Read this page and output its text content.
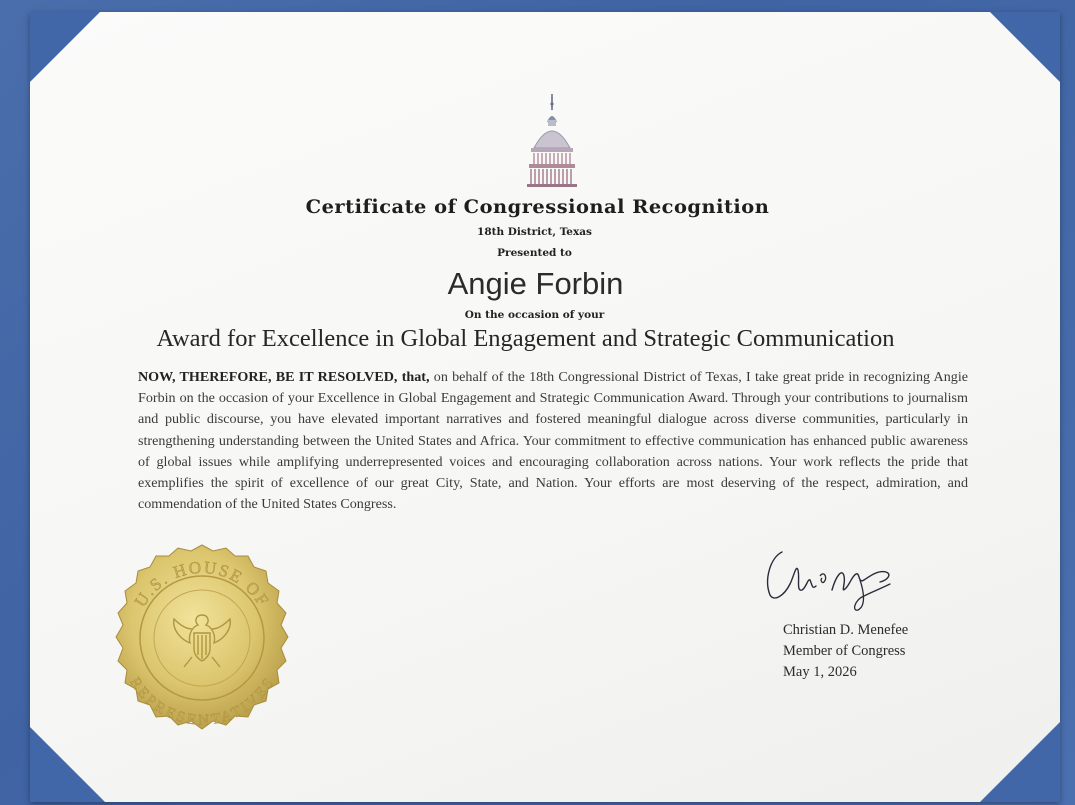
Certificate of Congressional Recognition
18th District, Texas
Presented to
Angie Forbin
On the occasion of your
Award for Excellence in Global Engagement and Strategic Communication
NOW, THEREFORE, BE IT RESOLVED, that, on behalf of the 18th Congressional District of Texas, I take great pride in recognizing Angie Forbin on the occasion of your Excellence in Global Engagement and Strategic Communication Award. Through your contributions to journalism and public discourse, you have elevated important narratives and fostered meaningful dialogue across diverse communities, particularly in strengthening understanding between the United States and Africa. Your commitment to effective communication has enhanced public awareness of global issues while amplifying underrepresented voices and encouraging collaboration across nations. Your work reflects the pride that exemplifies the spirit of excellence of our great City, State, and Nation. Your efforts are most deserving of the respect, admiration, and commendation of the United States Congress.
Christian D. Menefee
Member of Congress
May 1, 2026
U.S. HOUSE OF
REPRESENTATIVES
